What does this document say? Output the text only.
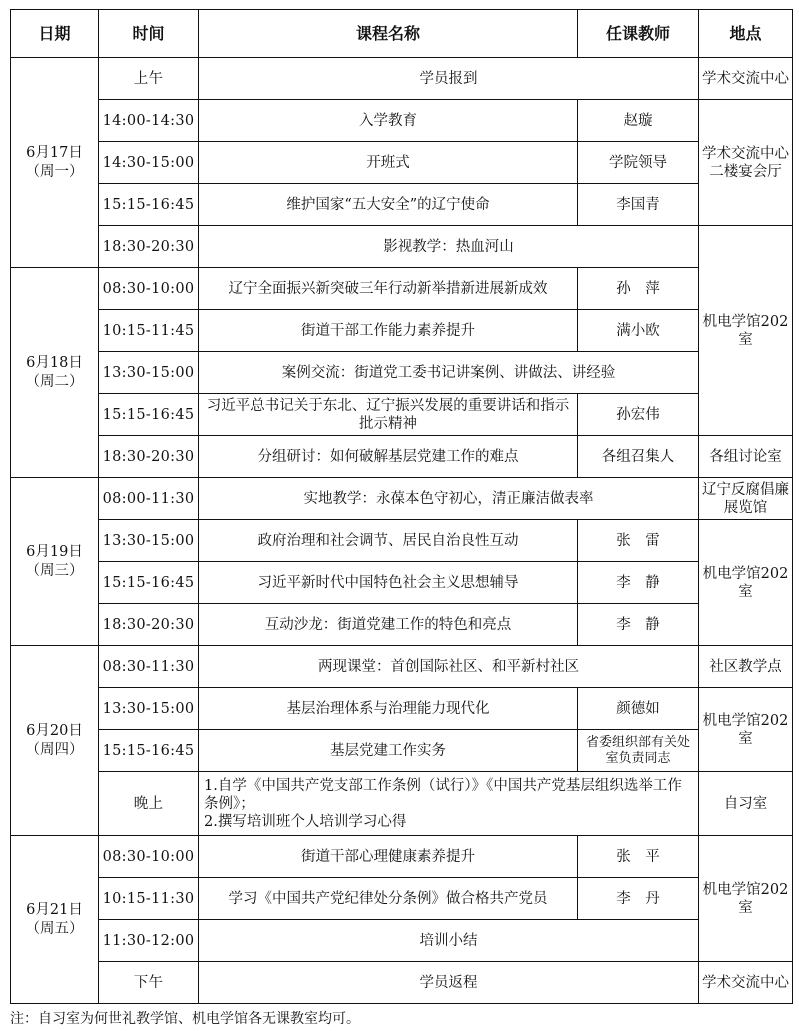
日期	时间	课程名称	任课教师	地点

6月17日
（周一）	上午	学员报到		学术交流中心
	14:00-14:30	入学教育	赵璇	学术交流中心二楼宴会厅
	14:30-15:00	开班式	学院领导	
	15:15-16:45	维护国家“五大安全”的辽宁使命	李国青	
	18:30-20:30	影视教学：热血河山		机电学馆202室

6月18日
（周二）	08:30-10:00	辽宁全面振兴新突破三年行动新举措新进展新成效	孙　萍	
	10:15-11:45	街道干部工作能力素养提升	满小欧	
	13:30-15:00	案例交流：街道党工委书记讲案例、讲做法、讲经验		
	15:15-16:45	习近平总书记关于东北、辽宁振兴发展的重要讲话和指示批示精神	孙宏伟	
	18:30-20:30	分组研讨：如何破解基层党建工作的难点	各组召集人	各组讨论室

6月19日
（周三）	08:00-11:30	实地教学：永葆本色守初心，清正廉洁做表率		辽宁反腐倡廉展览馆
	13:30-15:00	政府治理和社会调节、居民自治良性互动	张　雷	机电学馆202室
	15:15-16:45	习近平新时代中国特色社会主义思想辅导	李　静	
	18:30-20:30	互动沙龙：街道党建工作的特色和亮点	李　静	

6月20日
（周四）	08:30-11:30	两现课堂：首创国际社区、和平新村社区		社区教学点
	13:30-15:00	基层治理体系与治理能力现代化	颜德如	机电学馆202室
	15:15-16:45	基层党建工作实务	省委组织部有关处室负责同志	
	晚上	1.自学《中国共产党支部工作条例（试行）》《中国共产党基层组织选举工作条例》；
2.撰写培训班个人培训学习心得		自习室

6月21日
（周五）	08:30-10:00	街道干部心理健康素养提升	张　平	机电学馆202室
	10:15-11:30	学习《中国共产党纪律处分条例》做合格共产党员	李　丹	
	11:30-12:00	培训小结		
	下午	学员返程		学术交流中心
注：自习室为何世礼教学馆、机电学馆各无课教室均可。
